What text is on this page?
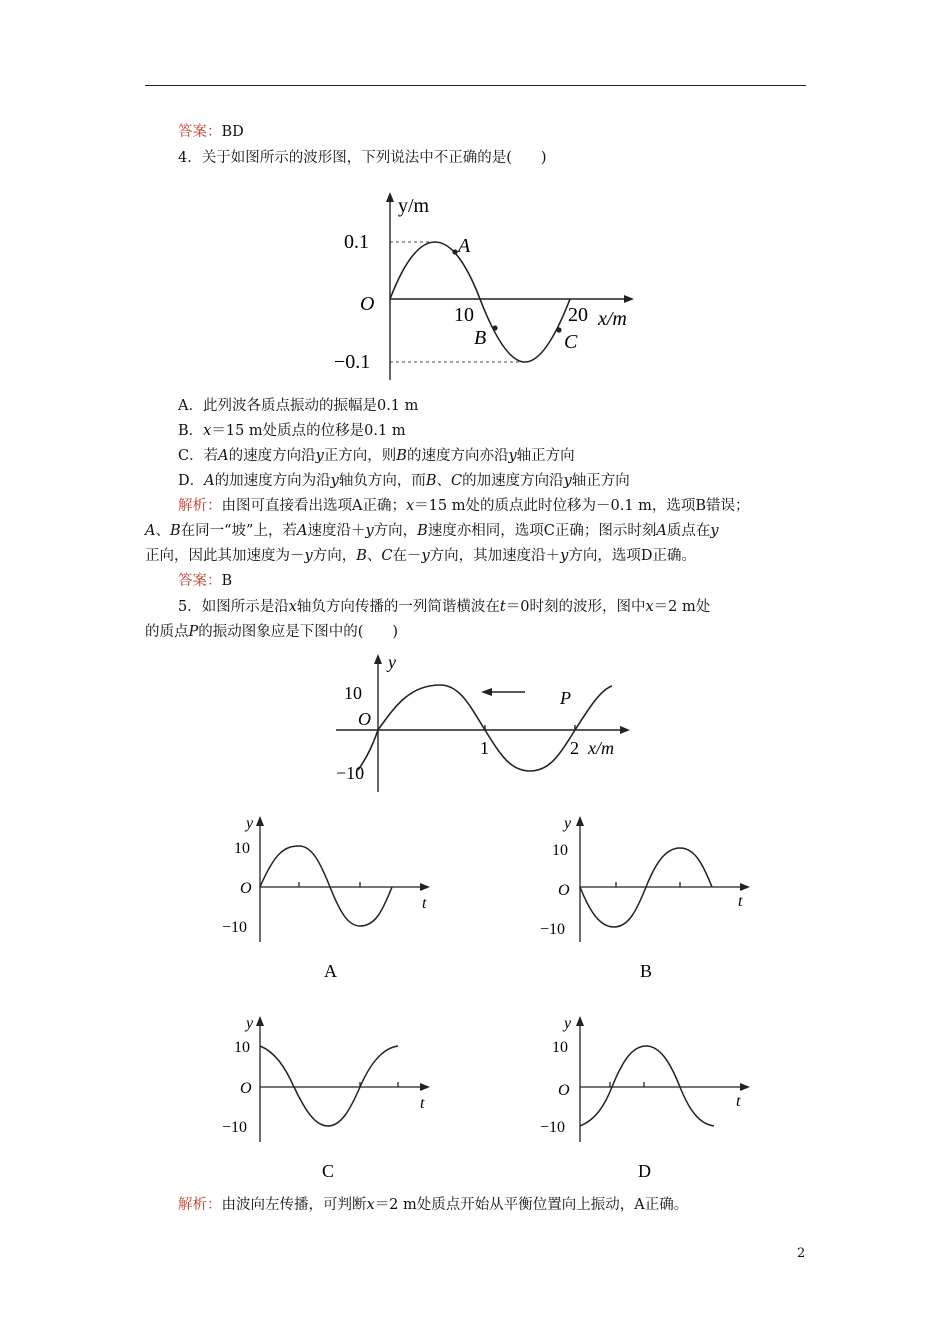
答案：BD
4．关于如图所示的波形图，下列说法中不正确的是(　　)
y/m
0.1
O
−0.1
10	20 x/m
A
B	C
A．此列波各质点振动的振幅是0.1 m
B．x＝15 m处质点的位移是0.1 m
C．若A的速度方向沿y正方向，则B的速度方向亦沿y轴正方向
D．A的加速度方向为沿y轴负方向，而B、C的加速度方向沿y轴正方向
解析：由图可直接看出选项A正确；x＝15 m处的质点此时位移为－0.1 m，选项B错误；
A、B在同一“坡”上，若A速度沿＋y方向，B速度亦相同，选项C正确；图示时刻A质点在y
正向，因此其加速度为－y方向，B、C在－y方向，其加速度沿＋y方向，选项D正确。
答案：B
5．如图所示是沿x轴负方向传播的一列简谐横波在t＝0时刻的波形，图中x＝2 m处
的质点P的振动图象应是下图中的(　　)
y
10
O
−10
1	2 x/m
P
y
10
O
−10
t
A
y
10
O
−10
t
B
y
10
O
−10
t
C
y
10
O
−10
t
D
解析：由波向左传播，可判断x＝2 m处质点开始从平衡位置向上振动，A正确。
2
